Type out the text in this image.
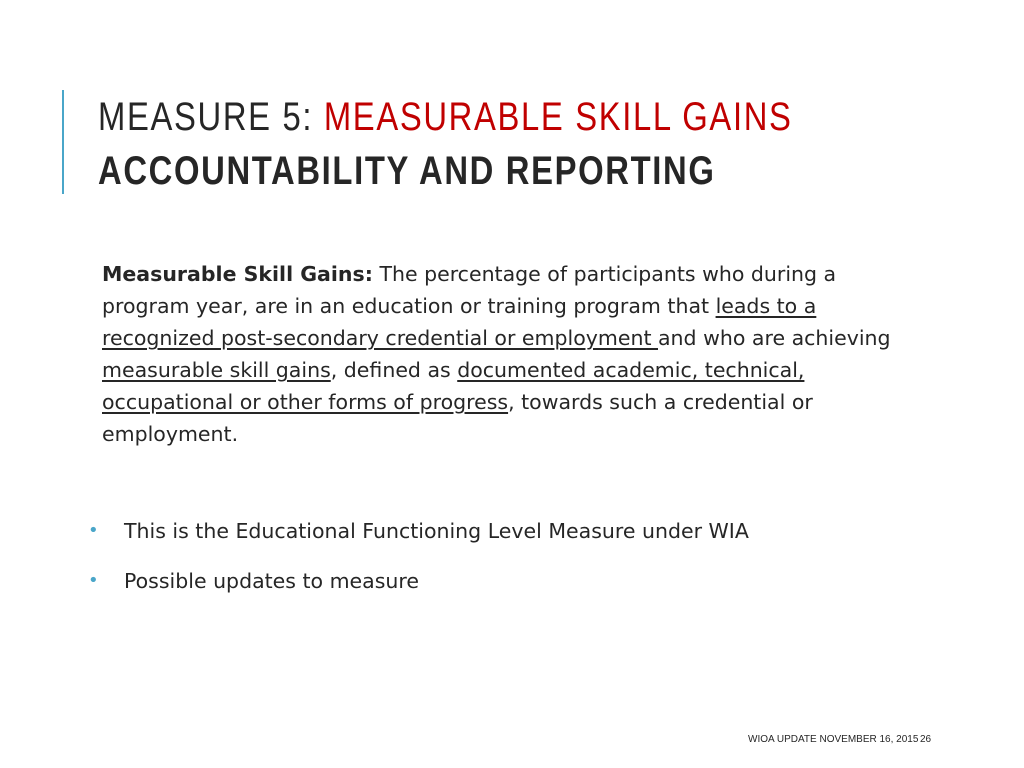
MEASURE 5: MEASURABLE SKILL GAINS
ACCOUNTABILITY AND REPORTING
Measurable Skill Gains: The percentage of participants who during a program year, are in an education or training program that leads to a recognized post-secondary credential or employment and who are achieving measurable skill gains, defined as documented academic, technical, occupational or other forms of progress, towards such a credential or employment.
• This is the Educational Functioning Level Measure under WIA
• Possible updates to measure
WIOA UPDATE NOVEMBER 16, 2015 26
